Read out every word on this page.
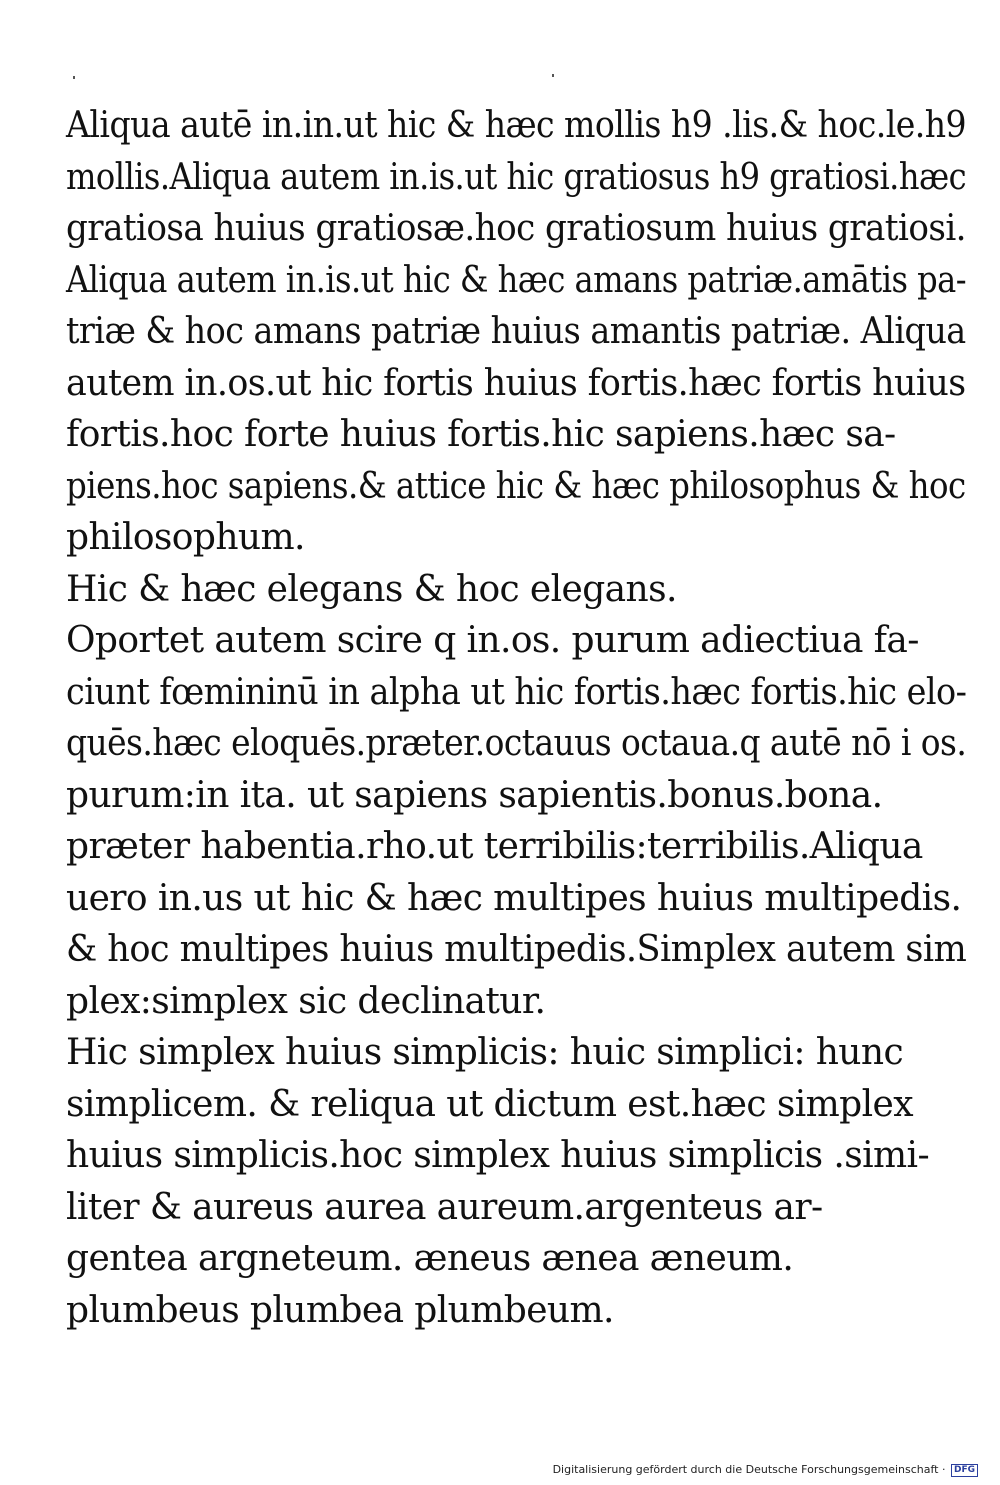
Aliqua autē in.in.ut hic & hæc mollis h9 .lis.& hoc.le.h9
mollis.Aliqua autem in.is.ut hic gratiosus h9 gratiosi.hæc
gratiosa huius gratiosæ.hoc gratiosum huius gratiosi.
Aliqua autem in.is.ut hic & hæc amans patriæ.amātis pa-
triæ & hoc amans patriæ huius amantis patriæ. Aliqua
autem in.os.ut hic fortis huius fortis.hæc fortis huius
fortis.hoc forte huius fortis.hic sapiens.hæc sa-
piens.hoc sapiens.& attice hic & hæc philosophus & hoc
philosophum.
Hic & hæc elegans & hoc elegans.
Oportet autem scire q in.os. purum adiectiua fa-
ciunt fœmininū in alpha ut hic fortis.hæc fortis.hic elo-
quēs.hæc eloquēs.præter.octauus octaua.q autē nō i os.
purum:in ita. ut sapiens sapientis.bonus.bona.
præter habentia.rho.ut terribilis:terribilis.Aliqua
uero in.us ut hic & hæc multipes huius multipedis.
& hoc multipes huius multipedis.Simplex autem sim
plex:simplex sic declinatur.
Hic simplex huius simplicis: huic simplici: hunc
simplicem. & reliqua ut dictum est.hæc simplex
huius simplicis.hoc simplex huius simplicis .simi-
liter & aureus aurea aureum.argenteus ar-
gentea argneteum. æneus ænea æneum.
plumbeus plumbea plumbeum.
Digitalisierung gefördert durch die Deutsche Forschungsgemeinschaft · DFG
